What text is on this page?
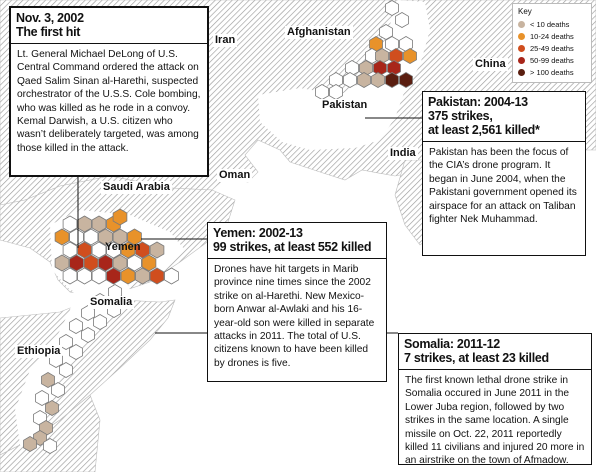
Iran
Afghanistan
China
Pakistan
India
Oman
Saudi Arabia
Yemen
Somalia
Ethiopia
Key
< 10 deaths
10-24 deaths
25-49 deaths
50-99 deaths
> 100 deaths
Nov. 3, 2002
The first hit
Lt. General Michael DeLong of U.S. Central Command ordered the attack on Qaed Salim Sinan al-Harethi, suspected orchestrator of the U.S.S. Cole bombing, who was killed as he rode in a convoy. Kemal Darwish, a U.S. citizen who wasn’t deliberately targeted, was among those killed in the attack.
Pakistan: 2004-13
375 strikes,
at least 2,561 killed*
Pakistan has been the focus of the CIA’s drone program. It began in June 2004, when the Pakistani government opened its airspace for an attack on Taliban fighter Nek Muhammad.
Yemen: 2002-13
99 strikes, at least 552 killed
Drones have hit targets in Marib province nine times since the 2002 strike on al-Harethi. New Mexico-born Anwar al-Awlaki and his 16-year-old son were killed in separate attacks in 2011. The total of U.S. citizens known to have been killed by drones is five.
Somalia: 2011-12
7 strikes, at least 23 killed
The first known lethal drone strike in Somalia occured in June 2011 in the Lower Juba region, followed by two strikes in the same location. A single missile on Oct. 22, 2011 reportedly killed 11 civilians and injured 20 more in an airstrike on the town of Afmadow.
